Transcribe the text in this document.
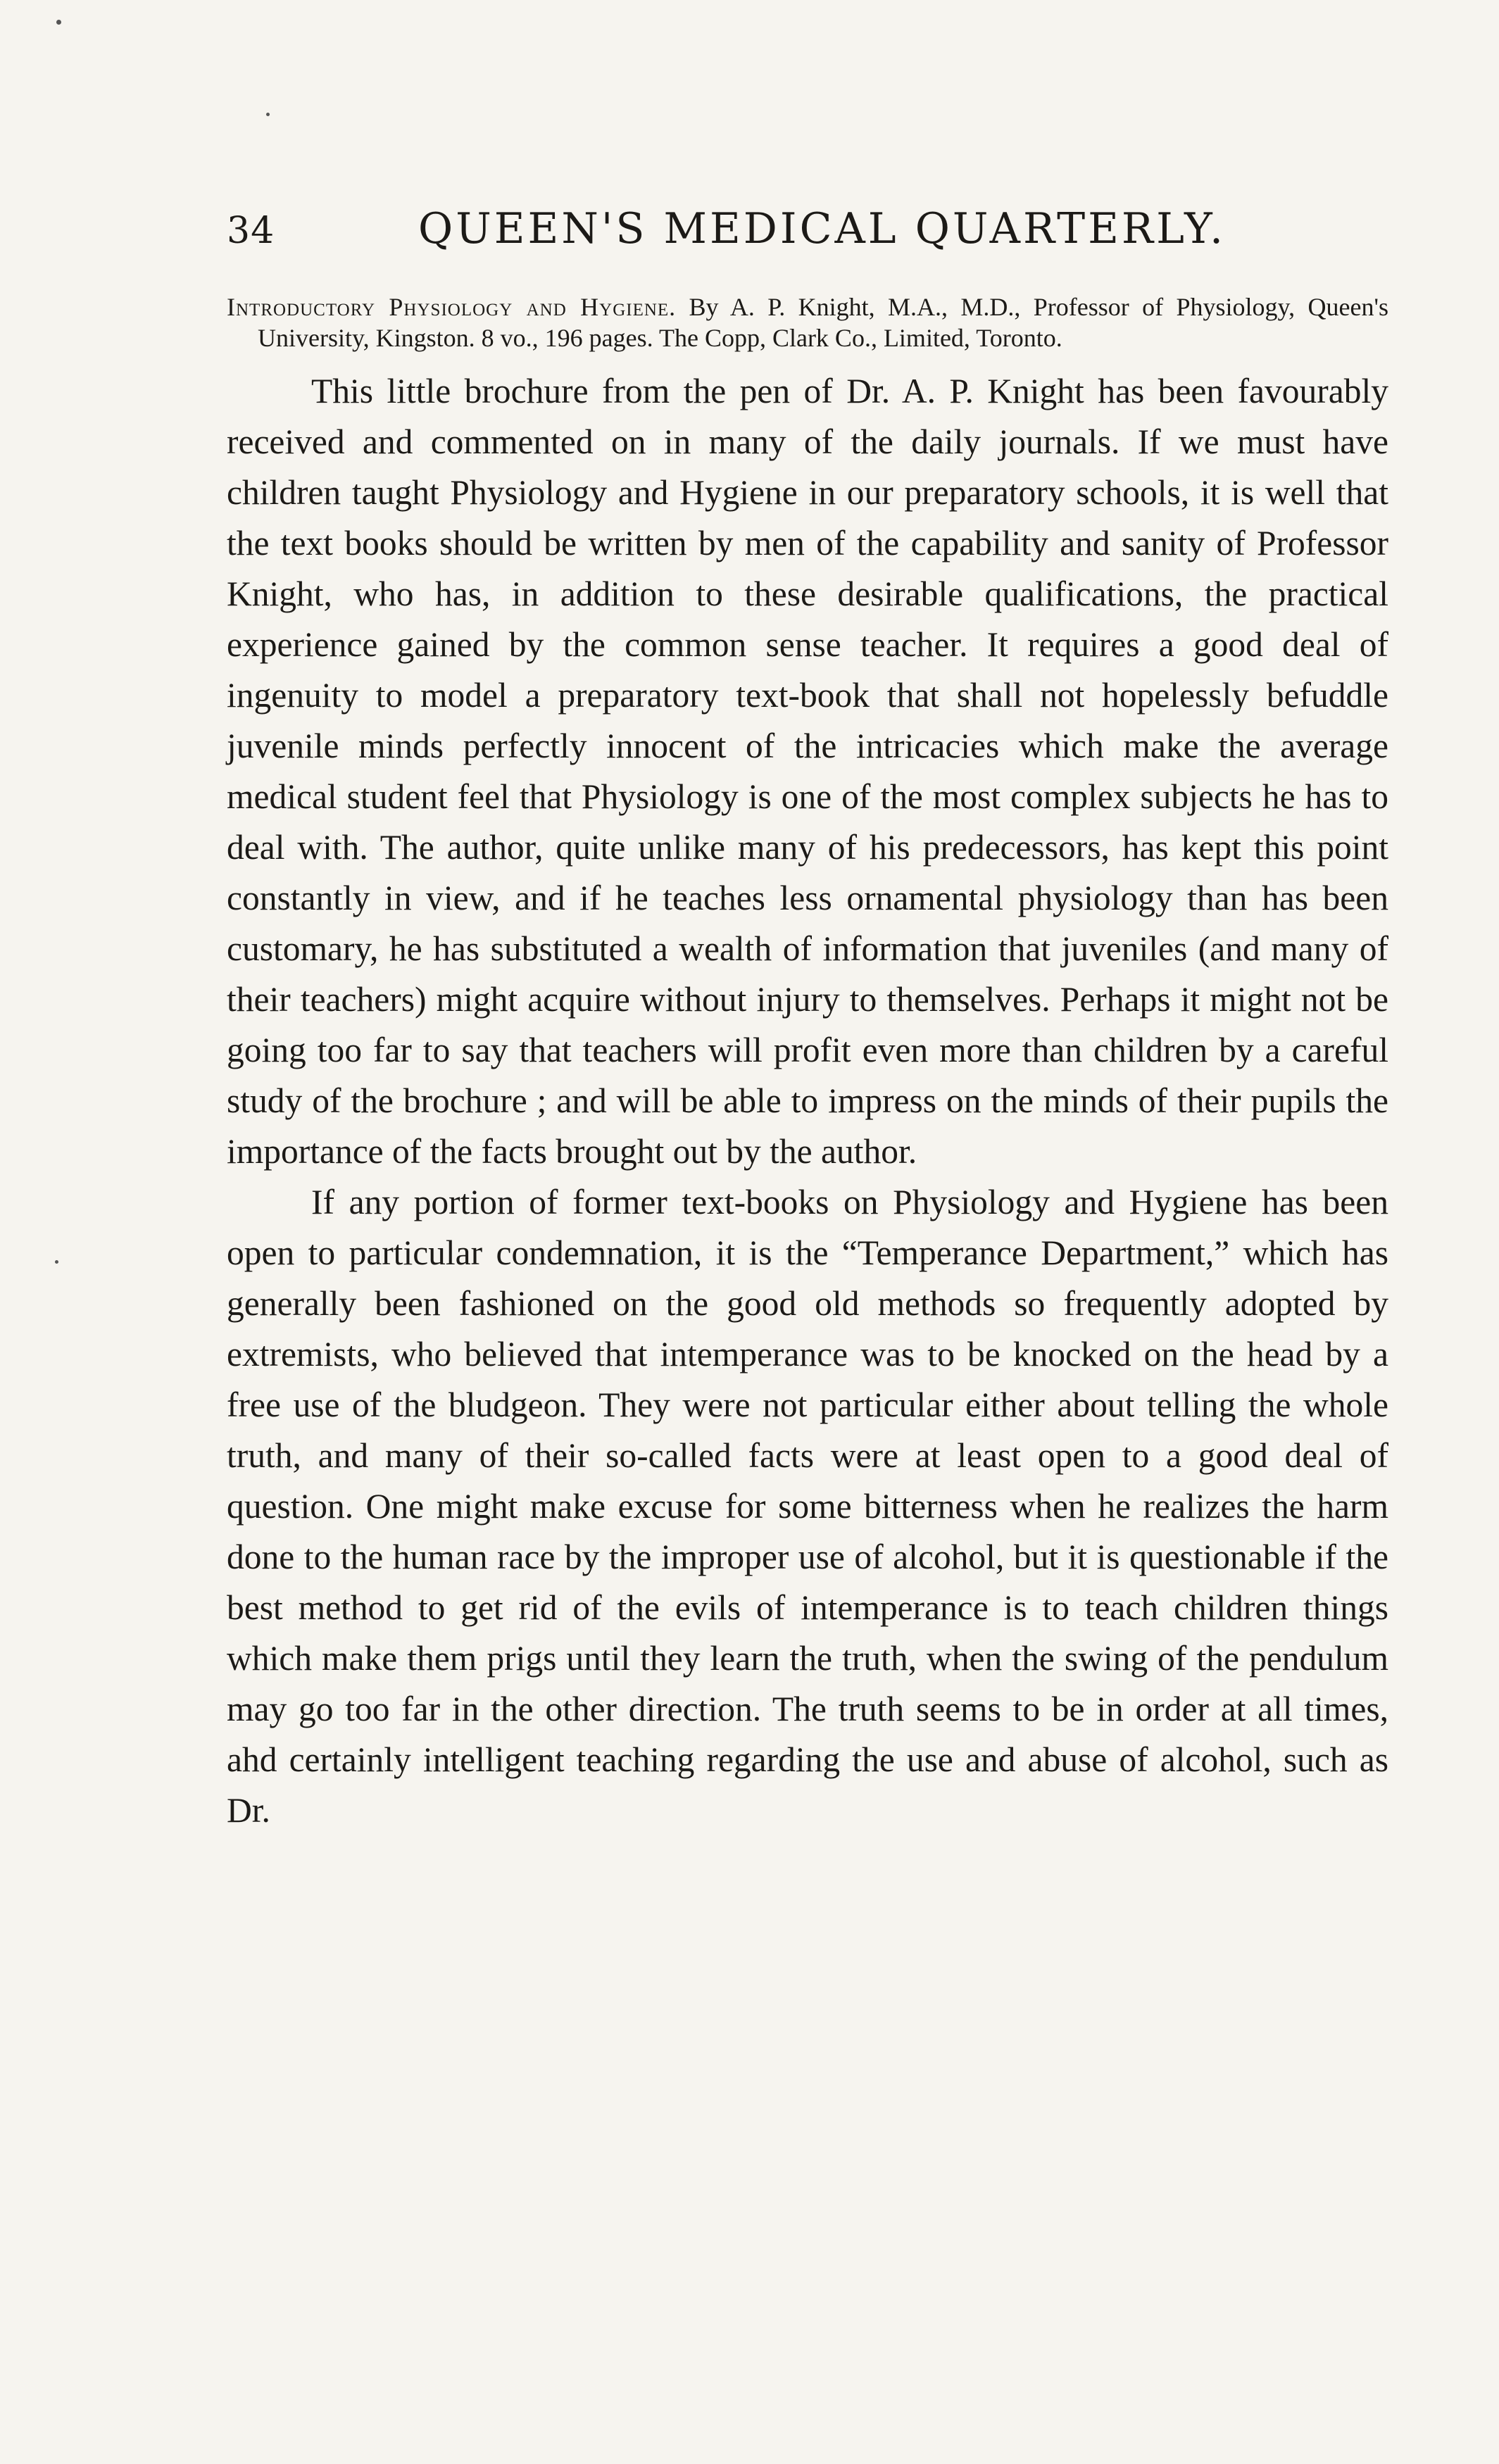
34	QUEEN'S MEDICAL QUARTERLY.

Introductory Physiology and Hygiene. By A. P. Knight, M.A., M.D., Professor of Physiology, Queen's University, Kingston. 8 vo., 196 pages. The Copp, Clark Co., Limited, Toronto.

This little brochure from the pen of Dr. A. P. Knight has been favourably received and commented on in many of the daily journals. If we must have children taught Physiology and Hygiene in our preparatory schools, it is well that the text books should be written by men of the capability and sanity of Professor Knight, who has, in addition to these desirable qualifications, the practical experience gained by the common sense teacher. It requires a good deal of ingenuity to model a preparatory text-book that shall not hopelessly befuddle juvenile minds perfectly innocent of the intricacies which make the average medical student feel that Physiology is one of the most complex subjects he has to deal with. The author, quite unlike many of his predecessors, has kept this point constantly in view, and if he teaches less ornamental physiology than has been customary, he has substituted a wealth of information that juveniles (and many of their teachers) might acquire without injury to themselves. Perhaps it might not be going too far to say that teachers will profit even more than children by a careful study of the brochure ; and will be able to impress on the minds of their pupils the importance of the facts brought out by the author.

If any portion of former text-books on Physiology and Hygiene has been open to particular condemnation, it is the “Temperance Department,” which has generally been fashioned on the good old methods so frequently adopted by extremists, who believed that intemperance was to be knocked on the head by a free use of the bludgeon. They were not particular either about telling the whole truth, and many of their so-called facts were at least open to a good deal of question. One might make excuse for some bitterness when he realizes the harm done to the human race by the improper use of alcohol, but it is questionable if the best method to get rid of the evils of intemperance is to teach children things which make them prigs until they learn the truth, when the swing of the pendulum may go too far in the other direction. The truth seems to be in order at all times, ahd certainly intelligent teaching regarding the use and abuse of alcohol, such as Dr.
